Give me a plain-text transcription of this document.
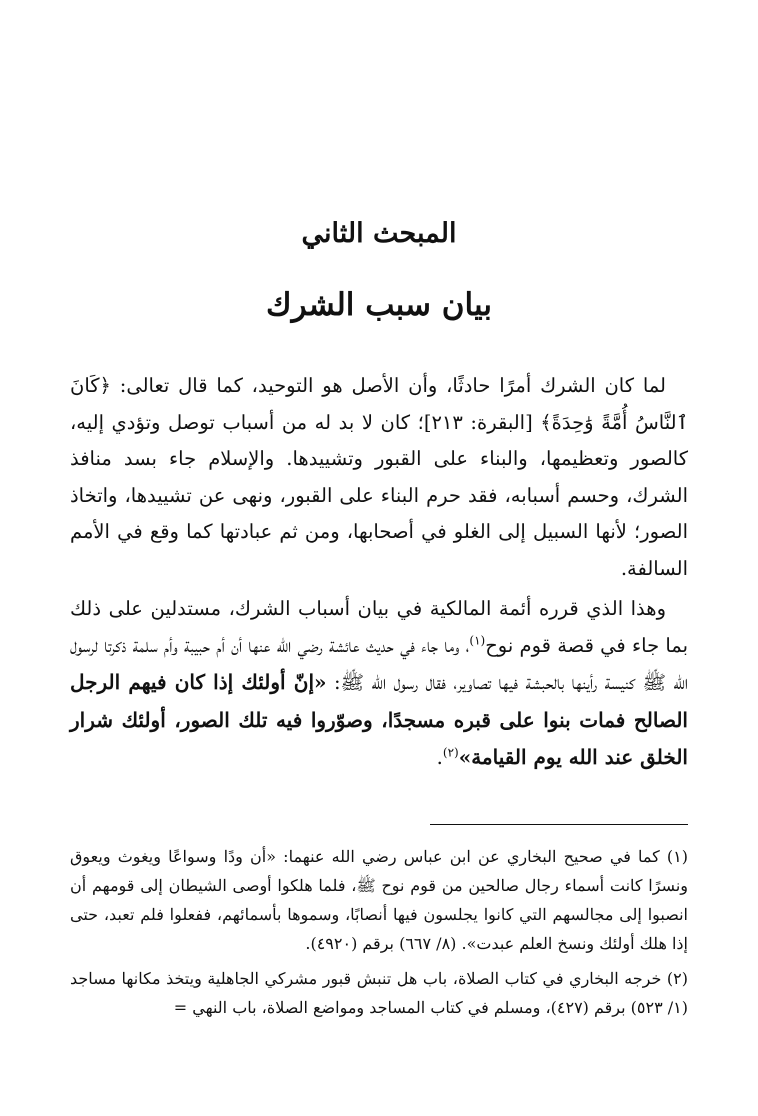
المبحث الثاني
بيان سبب الشرك

لما كان الشرك أمرًا حادثًا، وأن الأصل هو التوحيد، كما قال تعالى: ﴿كَانَ ٱلنَّاسُ أُمَّةً وَٰحِدَةً﴾ [البقرة: ٢١٣]؛ كان لا بد له من أسباب توصل وتؤدي إليه، كالصور وتعظيمها، والبناء على القبور وتشييدها. والإسلام جاء بسد منافذ الشرك، وحسم أسبابه، فقد حرم البناء على القبور، ونهى عن تشييدها، واتخاذ الصور؛ لأنها السبيل إلى الغلو في أصحابها، ومن ثم عبادتها كما وقع في الأمم السالفة.

وهذا الذي قرره أئمة المالكية في بيان أسباب الشرك، مستدلين على ذلك بما جاء في قصة قوم نوح$^{(١)}$، وما جاء في حديث عائشة رضي الله عنها أن أم حبيبة وأم سلمة ذكرتا لرسول الله ﷺ كنيسة رأينها بالحبشة فيها تصاوير، فقال رسول الله ﷺ: «إنّ أولئك إذا كان فيهم الرجل الصالح فمات بنوا على قبره مسجدًا، وصوّروا فيه تلك الصور، أولئك شرار الخلق عند الله يوم القيامة»$^{(٢)}$.

(١) كما في صحيح البخاري عن ابن عباس رضي الله عنهما: «أن ودًا وسواعًا ويغوث ويعوق ونسرًا كانت أسماء رجال صالحين من قوم نوح ﷺ، فلما هلكوا أوصى الشيطان إلى قومهم أن انصبوا إلى مجالسهم التي كانوا يجلسون فيها أنصابًا، وسموها بأسمائهم، ففعلوا فلم تعبد، حتى إذا هلك أولئك ونسخ العلم عبدت». (٨/ ٦٦٧) برقم (٤٩٢٠).

(٢) خرجه البخاري في كتاب الصلاة، باب هل تنبش قبور مشركي الجاهلية ويتخذ مكانها مساجد (١/ ٥٢٣) برقم (٤٢٧)، ومسلم في كتاب المساجد ومواضع الصلاة، باب النهي =
